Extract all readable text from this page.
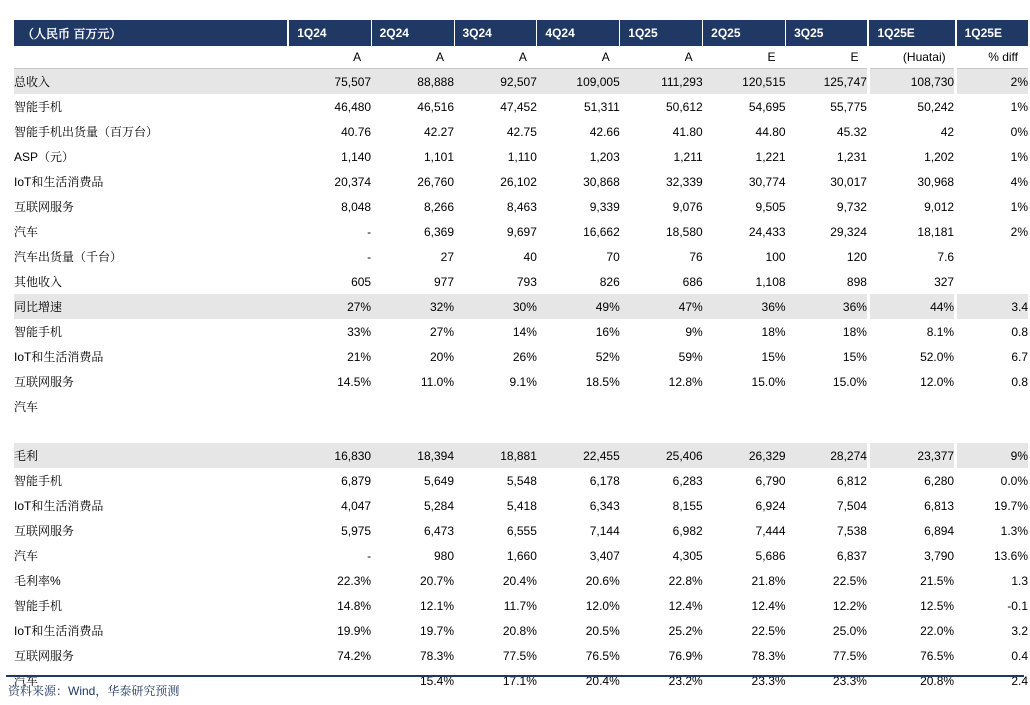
（人民币 百万元）	1Q24	2Q24	3Q24	4Q24	1Q25	2Q25	3Q25	1Q25E	1Q25E
	A	A	A	A	A	E	E	(Huatai)	% diff
总收入	75,507	88,888	92,507	109,005	111,293	120,515	125,747	108,730	2%
智能手机	46,480	46,516	47,452	51,311	50,612	54,695	55,775	50,242	1%
智能手机出货量（百万台）	40.76	42.27	42.75	42.66	41.80	44.80	45.32	42	0%
ASP（元）	1,140	1,101	1,110	1,203	1,211	1,221	1,231	1,202	1%
IoT和生活消费品	20,374	26,760	26,102	30,868	32,339	30,774	30,017	30,968	4%
互联网服务	8,048	8,266	8,463	9,339	9,076	9,505	9,732	9,012	1%
汽车	-	6,369	9,697	16,662	18,580	24,433	29,324	18,181	2%
汽车出货量（千台）	-	27	40	70	76	100	120	7.6	
其他收入	605	977	793	826	686	1,108	898	327	
同比增速	27%	32%	30%	49%	47%	36%	36%	44%	3.4
智能手机	33%	27%	14%	16%	9%	18%	18%	8.1%	0.8
IoT和生活消费品	21%	20%	26%	52%	59%	15%	15%	52.0%	6.7
互联网服务	14.5%	11.0%	9.1%	18.5%	12.8%	15.0%	15.0%	12.0%	0.8
汽车									

毛利	16,830	18,394	18,881	22,455	25,406	26,329	28,274	23,377	9%
智能手机	6,879	5,649	5,548	6,178	6,283	6,790	6,812	6,280	0.0%
IoT和生活消费品	4,047	5,284	5,418	6,343	8,155	6,924	7,504	6,813	19.7%
互联网服务	5,975	6,473	6,555	7,144	6,982	7,444	7,538	6,894	1.3%
汽车	-	980	1,660	3,407	4,305	5,686	6,837	3,790	13.6%
毛利率%	22.3%	20.7%	20.4%	20.6%	22.8%	21.8%	22.5%	21.5%	1.3
智能手机	14.8%	12.1%	11.7%	12.0%	12.4%	12.4%	12.2%	12.5%	-0.1
IoT和生活消费品	19.9%	19.7%	20.8%	20.5%	25.2%	22.5%	25.0%	22.0%	3.2
互联网服务	74.2%	78.3%	77.5%	76.5%	76.9%	78.3%	77.5%	76.5%	0.4
汽车		15.4%	17.1%	20.4%	23.2%	23.3%	23.3%	20.8%	2.4
资料来源：Wind，华泰研究预测
